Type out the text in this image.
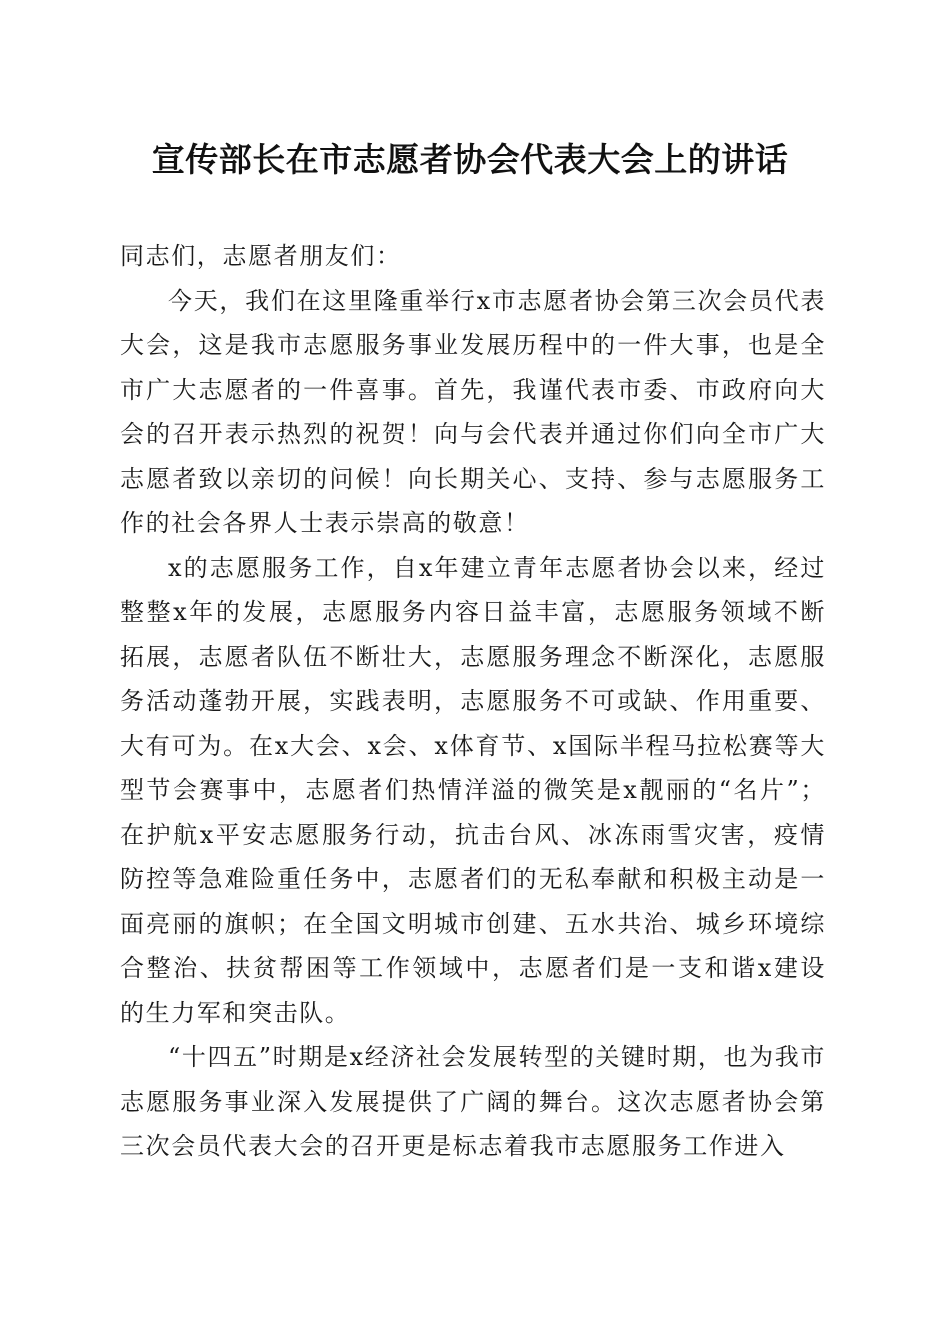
宣传部长在市志愿者协会代表大会上的讲话

同志们，志愿者朋友们：

今天，我们在这里隆重举行x市志愿者协会第三次会员代表大会，这是我市志愿服务事业发展历程中的一件大事，也是全市广大志愿者的一件喜事。首先，我谨代表市委、市政府向大会的召开表示热烈的祝贺！向与会代表并通过你们向全市广大志愿者致以亲切的问候！向长期关心、支持、参与志愿服务工作的社会各界人士表示崇高的敬意！

x的志愿服务工作，自x年建立青年志愿者协会以来，经过整整x年的发展，志愿服务内容日益丰富，志愿服务领域不断拓展，志愿者队伍不断壮大，志愿服务理念不断深化，志愿服务活动蓬勃开展，实践表明，志愿服务不可或缺、作用重要、大有可为。在x大会、x会、x体育节、x国际半程马拉松赛等大型节会赛事中，志愿者们热情洋溢的微笑是x靓丽的“名片”；在护航x平安志愿服务行动，抗击台风、冰冻雨雪灾害，疫情防控等急难险重任务中，志愿者们的无私奉献和积极主动是一面亮丽的旗帜；在全国文明城市创建、五水共治、城乡环境综合整治、扶贫帮困等工作领域中，志愿者们是一支和谐x建设的生力军和突击队。

“十四五”时期是x经济社会发展转型的关键时期，也为我市志愿服务事业深入发展提供了广阔的舞台。这次志愿者协会第三次会员代表大会的召开更是标志着我市志愿服务工作进入
